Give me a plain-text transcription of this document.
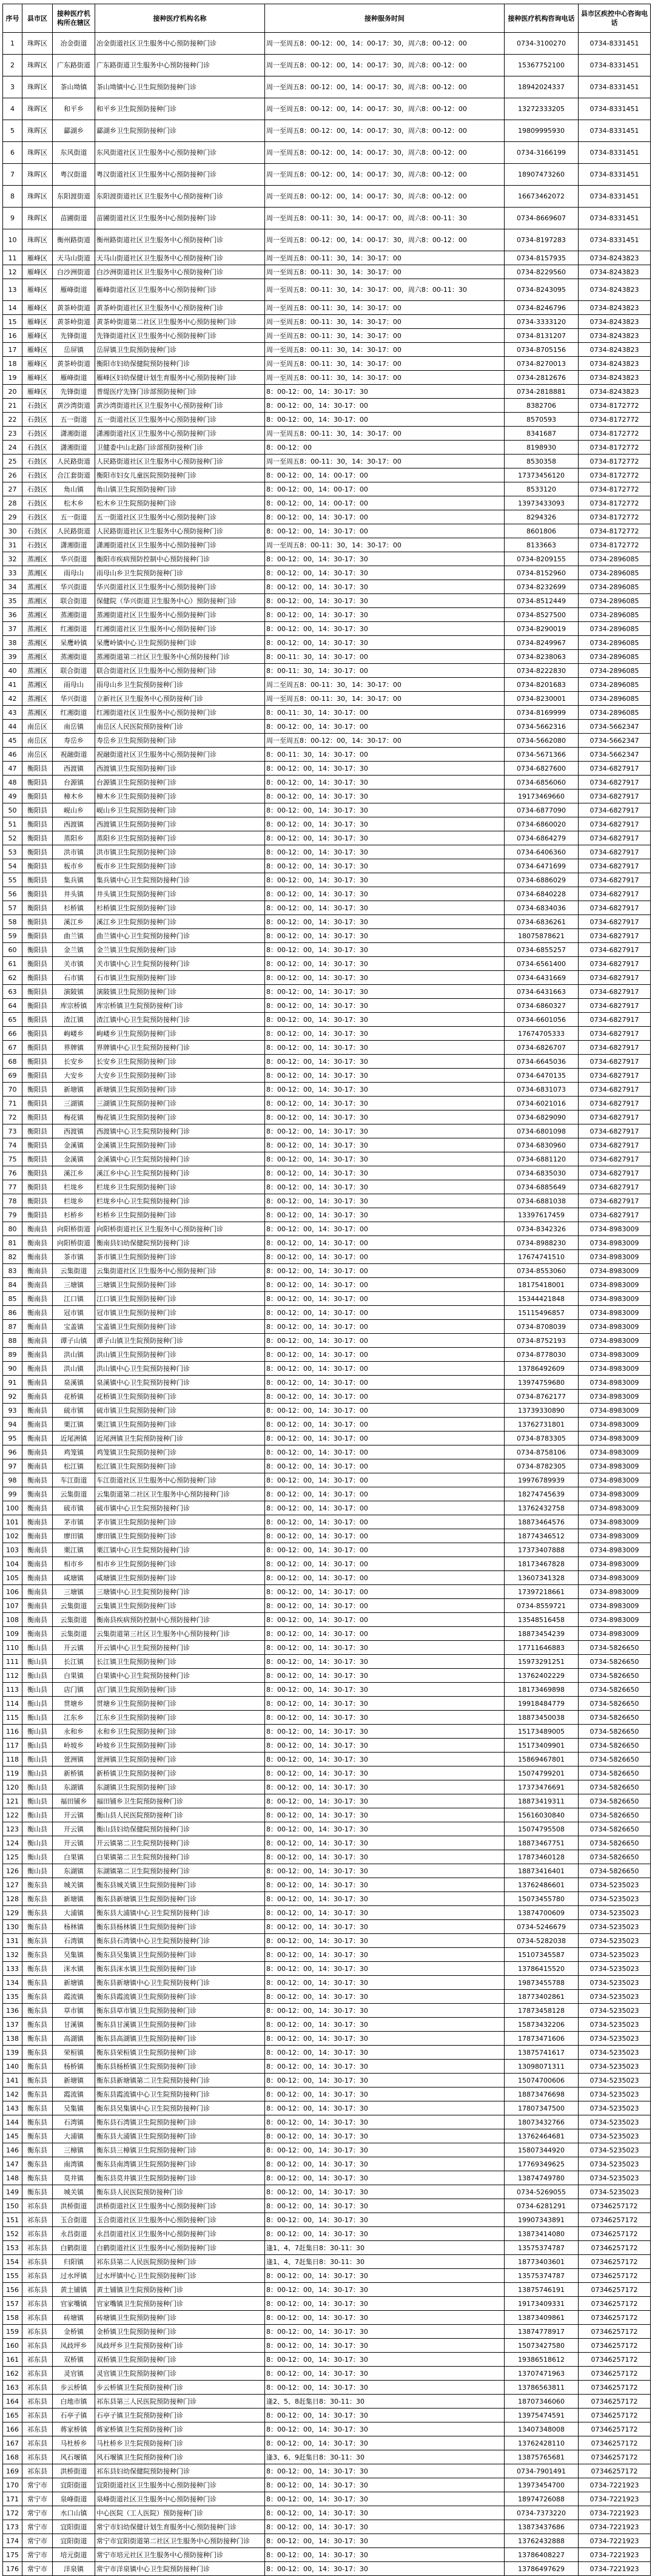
序号	县市区	接种医疗机构所在辖区	接种医疗机构名称	接种服务时间	接种医疗机构咨询电话	县市区疾控中心咨询电话
1	珠晖区	冶金街道	冶金街道社区卫生服务中心预防接种门诊	周一至周五8：00-12：00，14：00-17：30，周六8：00-12：00	0734-3100270	0734-8331451
2	珠晖区	广东路街道	广东路街道卫生服务中心预防接种门诊	周一至周五8：00-12：00，14：00-17：30，周六8：00-12：00	15367752100	0734-8331451
3	珠晖区	茶山坳镇	茶山坳镇中心卫生院预防接种门诊	周一至周五8：00-12：00，14：00-17：30，周六8：00-12：00	18942024337	0734-8331451
4	珠晖区	和平乡	和平乡卫生院预防接种门诊	周一至周五8：00-12：00，14：00-17：30，周六8：00-12：00	13272333205	0734-8331451
5	珠晖区	酃湖乡	酃湖乡卫生院预防接种门诊	周一至周五8：00-12：00，14：00-17：30，周六8：00-12：00	19809995930	0734-8331451
6	珠晖区	东风街道	东风街道社区卫生服务中心预防接种门诊	周一至周五8：00-12：00，14：00-17：30，周六8：00-12：00	0734-3166199	0734-8331451
7	珠晖区	粤汉街道	粤汉街道社区卫生服务中心预防接种门诊	周一至周五8：00-12：00，14：00-17：30，周六8：00-12：00	18907473260	0734-8331451
8	珠晖区	东阳渡街道	东阳渡街道社区卫生服务中心预防接种门诊	周一至周五8：00-12：00，14：00-17：30，周六8：00-12：00	16673462072	0734-8331451
9	珠晖区	苗圃街道	苗圃街道社区卫生服务中心预防接种门诊	周一至周五8：00-11：30，14：00-17：00，周六8：00-11：30	0734-8669607	0734-8331451
10	珠晖区	衡州路街道	衡州路街道社区卫生服务中心预防接种门诊	周一至周五8：00-12：00，14：00-17：30，周六8：00-12：00	0734-8197283	0734-8331451
11	雁峰区	天马山街道	天马山街道社区卫生服务中心预防接种门诊	周一至周五8：00-11：30，14：30-17：00	0734-8157935	0734-8243823
12	雁峰区	白沙洲街道	白沙洲街道社区卫生服务中心预防接种门诊	周一至周五8：00-11：30，14：30-17：00	0734-8229560	0734-8243823
13	雁峰区	雁峰街道	雁峰街道社区卫生服务中心预防接种门诊	周一至周五8：00-11：30，14：30-17：00，周六8：00-11：30	0734-8243095	0734-8243823
14	雁峰区	黄茶岭街道	黄茶岭街道社区卫生服务中心预防接种门诊	周一至周五8：00-11：30，14：30-17：00	0734-8246796	0734-8243823
15	雁峰区	黄茶岭街道	黄茶岭街道第二社区卫生服务中心预防接种门诊	周一至周五8：00-11：30，14：30-17：00	0734-3333120	0734-8243823
16	雁峰区	先锋街道	先锋街道社区卫生服务中心预防接种门诊	周一至周五8：00-11：30，14：30-17：00	0734-8131207	0734-8243823
17	雁峰区	岳屏镇	岳屏镇卫生院预防接种门诊	周一至周五8：00-11：30，14：30-17：00	0734-8705156	0734-8243823
18	雁峰区	黄茶岭街道	衡阳市妇幼保健院预防接种门诊	周一至周五8：00-11：30，14：30-17：00	0734-8270013	0734-8243823
19	雁峰区	雁峰街道	雁峰区妇幼保健计划生育服务中心预防接种门诊	周一至周五8：00-11：30，14：30-17：00	0734-2812676	0734-8243823
20	雁峰区	先锋街道	普缇医疗先锋门诊部预防接种门诊	8：00-12：00，14：30-17：30	0734-2818881	0734-8243823
21	石鼓区	黄沙湾街道	黄沙湾街道社区卫生服务中心预防接种门诊	8：00-12：00，14：30-17：00	8382706	0734-8172772
22	石鼓区	五一街道	五一街道社区卫生服务中心预防接种门诊	8：00-12：00，14：30-17：00	8570593	0734-8172772
23	石鼓区	潇湘街道	潇湘街道社区卫生服务中心预防接种门诊	周一至周五8：00-11：30，14：30-17：00	8341687	0734-8172772
24	石鼓区	潇湘街道	卫健委中山北路门诊部预防接种门诊	8：00-12：00	8198930	0734-8172772
25	石鼓区	人民路街道	人民路街道社区卫生服务中心预防接种门诊	周一至周五8：00-11：30，14：30-17：00	8530358	0734-8172772
26	石鼓区	合江套街道	衡阳市妇女儿童医院预防接种门诊	8：00-12：00，14：00-17：00	17373456120	0734-8172772
27	石鼓区	角山镇	角山镇卫生院预防接种门诊	8：00-12：00，14：00-17：00	8533120	0734-8172772
28	石鼓区	松木乡	松木乡卫生院预防接种门诊	8：00-12：00，14：00-17：00	13973433093	0734-8172772
29	石鼓区	五一街道	五一街道社区卫生服务中心预防接种门诊	8：00-12：00，14：30-17：00	8294326	0734-8172772
30	石鼓区	人民路街道	人民路街道社区卫生服务中心预防接种门诊	8：00-12：00，14：30-17：00	8601806	0734-8172772
31	石鼓区	潇湘街道	潇湘街道社区卫生服务中心预防接种门诊	周一至周五8：00-11：30，14：30-17：00	8133663	0734-8172772
32	蒸湘区	华兴街道	衡阳市疾病预防控制中心预防接种门诊	8：00-12：00，14：30-17：30	0734-8209155	0734-2896085
33	蒸湘区	雨母山	雨母山乡卫生院预防接种门诊	8：00-12：00，14：30-17：30	0734-8152960	0734-2896085
34	蒸湘区	华兴街道	华兴街道社区卫生服务中心预防接种门诊	8：00-12：00，14：30-17：30	0734-8232699	0734-2896085
35	蒸湘区	联合街道	保健院（华兴街道卫生服务中心）预防接种门诊	8：00-12：00，14：30-17：30	0734-8512449	0734-2896085
36	蒸湘区	蒸湘街道	蒸湘街道社区卫生服务中心预防接种门诊	8：00-12：00，14：30-17：30	0734-8527500	0734-2896085
37	蒸湘区	红湘街道	红湘街道社区卫生服务中心预防接种门诊	8：00-12：00，14：30-17：30	0734-8290019	0734-2896085
38	蒸湘区	呆鹰岭镇	呆鹰岭镇中心卫生院预防接种门诊	8：00-12：00，14：30-17：30	0734-8249967	0734-2896085
39	蒸湘区	蒸湘街道	蒸湘街道第二社区卫生服务中心预防接种门诊	8：00-11：30，14：30-17：00	0734-8238063	0734-2896085
40	蒸湘区	联合街道	联合街道社区卫生服务中心预防接种门诊	8：00-11：30，14：30-17：00	0734-8222830	0734-2896085
41	蒸湘区	雨母山	雨母山乡卫生院预防接种门诊	周二至周五8：00-11：30，14：30-17：00	0734-8201683	0734-2896085
42	蒸湘区	华兴街道	立新社区卫生服务中心预防接种门诊	周一至周五8：00-11：30，14：30-17：00	0734-8230001	0734-2896085
43	蒸湘区	红湘街道	红湘街道社区卫生服务中心预防接种门诊	8：00-11：30，14：30-17：00	0734-8169999	0734-2896085
44	南岳区	南岳镇	南岳区人民医院预防接种门诊	8：00-12：00，14：30-17：00	0734-5662316	0734-5662347
45	南岳区	寿岳乡	寿岳乡卫生院预防接种门诊	周一至周五8：00-12：00，14：30-17：00	0734-5662080	0734-5662347
46	南岳区	祝融街道	祝融街道社区卫生服务中心预防接种门诊	8：00-11：30，14：30-17：00	0734-5671366	0734-5662347
47	衡阳县	西渡镇	西渡镇卫生院预防接种门诊	8：00-12：00，14：30-17：30	0734-6827600	0734-6827917
48	衡阳县	台源镇	台源镇卫生院预防接种门诊	8：00-12：00，14：30-17：30	0734-6856060	0734-6827917
49	衡阳县	樟木乡	樟木乡卫生院预防接种门诊	8：00-12：00，14：30-17：30	19173469660	0734-6827917
50	衡阳县	岘山乡	岘山乡卫生院预防接种门诊	8：00-12：00，14：30-17：30	0734-6877090	0734-6827917
51	衡阳县	西渡镇	西渡镇卫生院预防接种门诊	8：00-12：00，14：30-17：30	0734-6860020	0734-6827917
52	衡阳县	蒸阳乡	蒸阳乡卫生院预防接种门诊	8：00-12：00，14：30-17：30	0734-6864279	0734-6827917
53	衡阳县	洪市镇	洪市镇卫生院预防接种门诊	8：00-12：00，14：30-17：30	0734-6406360	0734-6827917
54	衡阳县	板市乡	板市乡卫生院预防接种门诊	8：00-12：00，14：30-17：30	0734-6471699	0734-6827917
55	衡阳县	集兵镇	集兵镇中心卫生院预防接种门诊	8：00-12：00，14：30-17：30	0734-6886029	0734-6827917
56	衡阳县	井头镇	井头镇卫生院预防接种门诊	8：00-12：00，14：30-17：30	0734-6840228	0734-6827917
57	衡阳县	杉桥镇	杉桥镇卫生院预防接种门诊	8：00-12：00，14：30-17：30	0734-6834036	0734-6827917
58	衡阳县	溪江乡	溪江乡卫生院预防接种门诊	8：00-12：00，14：30-17：30	0734-6836261	0734-6827917
59	衡阳县	曲兰镇	曲兰镇中心卫生院预防接种门诊	8：00-12：00，14：30-17：30	18075878621	0734-6827917
60	衡阳县	金兰镇	金兰镇卫生院预防接种门诊	8：00-12：00，14：30-17：30	0734-6855257	0734-6827917
61	衡阳县	关市镇	关市镇中心卫生院预防接种门诊	8：00-12：00，14：30-17：30	0734-6561400	0734-6827917
62	衡阳县	石市镇	石市镇卫生院预防接种门诊	8：00-12：00，14：30-17：30	0734-6431669	0734-6827917
63	衡阳县	演陂镇	演陂镇卫生院预防接种门诊	8：00-12：00，14：30-17：30	0734-6431663	0734-6827917
64	衡阳县	库宗桥镇	库宗桥镇卫生院预防接种门诊	8：00-12：00，14：30-17：30	0734-6860327	0734-6827917
65	衡阳县	渣江镇	渣江镇中心卫生院预防接种门诊	8：00-12：00，14：30-17：30	0734-6601056	0734-6827917
66	衡阳县	岣嵝乡	岣嵝乡卫生院预防接种门诊	8：00-12：00，14：30-17：30	17674705333	0734-6827917
67	衡阳县	界牌镇	界牌镇中心卫生院预防接种门诊	8：00-12：00，14：30-17：30	0734-6826707	0734-6827917
68	衡阳县	长安乡	长安乡卫生院预防接种门诊	8：00-12：00，14：30-17：30	0734-6645036	0734-6827917
69	衡阳县	大安乡	大安乡卫生院预防接种门诊	8：00-12：00，14：30-17：30	0734-6470135	0734-6827917
70	衡阳县	新塘镇	新塘镇卫生院预防接种门诊	8：00-12：00，14：30-17：30	0734-6831073	0734-6827917
71	衡阳县	三湖镇	三湖镇卫生院预防接种门诊	8：00-12：00，14：30-17：30	0734-6021016	0734-6827917
72	衡阳县	梅花镇	梅花镇卫生院预防接种门诊	8：00-12：00，14：30-17：30	0734-6829090	0734-6827917
73	衡阳县	西渡镇	西渡镇中心卫生院预防接种门诊	8：00-12：00，14：30-17：30	0734-6801098	0734-6827917
74	衡阳县	金溪镇	金溪镇卫生院预防接种门诊	8：00-12：00，14：30-17：30	0734-6830960	0734-6827917
75	衡阳县	金溪镇	金溪镇中心卫生院预防接种门诊	8：00-12：00，14：30-17：30	0734-6881120	0734-6827917
76	衡阳县	溪江乡	溪江乡中心卫生院预防接种门诊	8：00-12：00，14：30-17：30	0734-6835030	0734-6827917
77	衡阳县	栏垅乡	栏垅乡卫生院预防接种门诊	8：00-12：00，14：30-17：30	0734-6885649	0734-6827917
78	衡阳县	栏垅乡	栏垅乡中心卫生院预防接种门诊	8：00-12：00，14：30-17：30	0734-6881038	0734-6827917
79	衡阳县	杉桥乡	杉桥乡卫生院预防接种门诊	8：00-12：00，14：30-17：30	13397617459	0734-6827917
80	衡南县	向阳桥街道	向阳桥街道社区卫生服务中心预防接种门诊	8：00-12：00，14：30-17：00	0734-8342326	0734-8983009
81	衡南县	向阳桥街道	衡南县妇幼保健院预防接种门诊	8：00-12：00，14：30-17：00	0734-8988230	0734-8983009
82	衡南县	茶市镇	茶市镇卫生院预防接种门诊	8：00-12：00，14：30-17：00	17674741510	0734-8983009
83	衡南县	云集街道	云集街道社区卫生服务中心预防接种门诊	8：00-12：00，14：30-17：00	0734-8553060	0734-8983009
84	衡南县	三塘镇	三塘镇卫生院预防接种门诊	8：00-12：00，14：30-17：00	18175418001	0734-8983009
85	衡南县	江口镇	江口镇卫生院预防接种门诊	8：00-12：00，14：30-17：00	15344421848	0734-8983009
86	衡南县	冠市镇	冠市镇卫生院预防接种门诊	8：00-12：00，14：30-17：00	15115496857	0734-8983009
87	衡南县	宝盖镇	宝盖镇卫生院预防接种门诊	8：00-12：00，14：30-17：00	0734-8708039	0734-8983009
88	衡南县	谭子山镇	谭子山镇卫生院预防接种门诊	8：00-12：00，14：30-17：00	0734-8752193	0734-8983009
89	衡南县	洪山镇	洪山镇卫生院预防接种门诊	8：00-12：00，14：30-17：00	0734-8778030	0734-8983009
90	衡南县	洪山镇	洪山镇中心卫生院预防接种门诊	8：00-12：00，14：30-17：00	13786492609	0734-8983009
91	衡南县	泉溪镇	泉溪镇中心卫生院预防接种门诊	8：00-12：00，14：30-17：00	13974759680	0734-8983009
92	衡南县	花桥镇	花桥镇卫生院预防接种门诊	8：00-12：00，14：30-17：00	0734-8762177	0734-8983009
93	衡南县	硫市镇	硫市镇卫生院预防接种门诊	8：00-12：00，14：30-17：00	13739330890	0734-8983009
94	衡南县	栗江镇	栗江镇卫生院预防接种门诊	8：00-12：00，14：30-17：00	13762731801	0734-8983009
95	衡南县	近尾洲镇	近尾洲镇卫生院预防接种门诊	8：00-12：00，14：30-17：00	0734-8783305	0734-8983009
96	衡南县	鸡笼镇	鸡笼镇卫生院预防接种门诊	8：00-12：00，14：30-17：00	0734-8758106	0734-8983009
97	衡南县	松江镇	松江镇卫生院预防接种门诊	8：00-12：00，14：30-17：00	0734-8782305	0734-8983009
98	衡南县	车江街道	车江街道社区卫生服务中心预防接种门诊	8：00-12：00，14：30-17：00	19976789939	0734-8983009
99	衡南县	云集街道	云集街道第二社区卫生服务中心预防接种门诊	8：00-12：00，14：30-17：00	18274745639	0734-8983009
100	衡南县	硫市镇	硫市镇中心卫生院预防接种门诊	8：00-12：00，14：30-17：00	13762432758	0734-8983009
101	衡南县	茅市镇	茅市镇卫生院预防接种门诊	8：00-12：00，14：30-17：00	18873464576	0734-8983009
102	衡南县	廖田镇	廖田镇卫生院预防接种门诊	8：00-12：00，14：30-17：00	18774346512	0734-8983009
103	衡南县	栗江镇	栗江镇中心卫生院预防接种门诊	8：00-12：00，14：30-17：00	17373407888	0734-8983009
104	衡南县	相市乡	相市乡卫生院预防接种门诊	8：00-12：00，14：30-17：00	18173467828	0734-8983009
105	衡南县	咸塘镇	咸塘镇卫生院预防接种门诊	8：00-12：00，14：30-17：00	13607341328	0734-8983009
106	衡南县	三塘镇	三塘镇中心卫生院预防接种门诊	8：00-12：00，14：30-17：00	17397218661	0734-8983009
107	衡南县	云集街道	云集镇卫生院预防接种门诊	8：00-12：00，14：30-17：00	0734-8559721	0734-8983009
108	衡南县	云集街道	衡南县疾病预防控制中心预防接种门诊	8：00-12：00，14：30-17：00	13548516458	0734-8983009
109	衡南县	云集街道	云集街道第三社区卫生服务中心预防接种门诊	8：00-12：00，14：30-17：00	18873454239	0734-8983009
110	衡山县	开云镇	开云镇中心卫生院预防接种门诊	8：00-12：00，14：30-17：30	17711646883	0734-5826650
111	衡山县	长江镇	长江镇卫生院预防接种门诊	8：00-12：00，14：30-17：30	15973291251	0734-5826650
112	衡山县	白果镇	白果镇中心卫生院预防接种门诊	8：00-12：00，14：30-17：30	13762402229	0734-5826650
113	衡山县	店门镇	店门镇卫生院预防接种门诊	8：00-12：00，14：30-17：30	18173469898	0734-5826650
114	衡山县	贯塘乡	贯塘乡卫生院预防接种门诊	8：00-12：00，14：30-17：30	19918484779	0734-5826650
115	衡山县	江东乡	江东乡卫生院预防接种门诊	8：00-12：00，14：30-17：30	18873450038	0734-5826650
116	衡山县	永和乡	永和乡卫生院预防接种门诊	8：00-12：00，14：30-17：30	15173489005	0734-5826650
117	衡山县	岭坡乡	岭坡乡卫生院预防接种门诊	8：00-12：00，14：30-17：30	15173409901	0734-5826650
118	衡山县	萱洲镇	萱洲镇卫生院预防接种门诊	8：00-12：00，14：30-17：30	15869467801	0734-5826650
119	衡山县	新桥镇	新桥镇卫生院预防接种门诊	8：00-12：00，14：30-17：30	15074799201	0734-5826650
120	衡山县	东湖镇	东湖镇卫生院预防接种门诊	8：00-12：00，14：30-17：30	17373476691	0734-5826650
121	衡山县	福田铺乡	福田铺乡卫生院预防接种门诊	8：00-12：00，14：30-17：30	18873419311	0734-5826650
122	衡山县	开云镇	衡山县人民医院预防接种门诊	8：00-12：00，14：30-17：30	15616030840	0734-5826650
123	衡山县	开云镇	衡山县妇幼保健院预防接种门诊	8：00-12：00，14：30-17：30	15074795508	0734-5826650
124	衡山县	开云镇	开云镇第二卫生院预防接种门诊	8：00-12：00，14：30-17：30	18873467751	0734-5826650
125	衡山县	白果镇	白果镇第二卫生院预防接种门诊	8：00-12：00，14：30-17：30	17873460128	0734-5826650
126	衡山县	东湖镇	东湖镇第二卫生院预防接种门诊	8：00-12：00，14：30-17：30	18873416401	0734-5826650
127	衡东县	城关镇	衡东县城关镇卫生院预防接种门诊	8：00-12：00，14：30-17：30	13762486601	0734-5235023
128	衡东县	新塘镇	衡东县新塘镇卫生院预防接种门诊	8：00-12：00，14：30-17：30	15073455780	0734-5235023
129	衡东县	大浦镇	衡东县大浦镇中心卫生院预防接种门诊	8：00-12：00，14：30-17：30	13874700609	0734-5235023
130	衡东县	杨林镇	衡东县杨林镇卫生院预防接种门诊	8：00-12：00，14：30-17：30	0734-5246679	0734-5235023
131	衡东县	石湾镇	衡东县石湾镇中心卫生院预防接种门诊	8：00-12：00，14：30-17：30	0734-5282038	0734-5235023
132	衡东县	吴集镇	衡东县吴集镇卫生院预防接种门诊	8：00-12：00，14：30-17：30	15107345587	0734-5235023
133	衡东县	洣水镇	衡东县洣水镇卫生院预防接种门诊	8：00-12：00，14：30-17：30	13786415520	0734-5235023
134	衡东县	新塘镇	衡东县新塘镇中心卫生院预防接种门诊	8：00-12：00，14：30-17：30	19873455788	0734-5235023
135	衡东县	霞流镇	衡东县霞流镇卫生院预防接种门诊	8：00-12：00，14：30-17：30	18773402861	0734-5235023
136	衡东县	草市镇	衡东县草市镇卫生院预防接种门诊	8：00-12：00，14：30-17：30	17873458128	0734-5235023
137	衡东县	甘溪镇	衡东县甘溪镇卫生院预防接种门诊	8：00-12：00，14：30-17：30	15873432206	0734-5235023
138	衡东县	高湖镇	衡东县高湖镇卫生院预防接种门诊	8：00-12：00，14：30-17：30	17873471606	0734-5235023
139	衡东县	荣桓镇	衡东县荣桓镇卫生院预防接种门诊	8：00-12：00，14：30-17：30	13875741617	0734-5235023
140	衡东县	杨桥镇	衡东县杨桥镇卫生院预防接种门诊	8：00-12：00，14：30-17：30	13098071311	0734-5235023
141	衡东县	新塘镇	衡东县新塘镇第二卫生院预防接种门诊	8：00-12：00，14：30-17：30	15074700606	0734-5235023
142	衡东县	霞流镇	衡东县霞流镇中心卫生院预防接种门诊	8：00-12：00，14：30-17：30	18873476698	0734-5235023
143	衡东县	吴集镇	衡东县吴集镇中心卫生院预防接种门诊	8：00-12：00，14：30-17：30	17807347500	0734-5235023
144	衡东县	石湾镇	衡东县石湾镇卫生院预防接种门诊	8：00-12：00，14：30-17：30	18073432766	0734-5235023
145	衡东县	大浦镇	衡东县大浦镇卫生院预防接种门诊	8：00-12：00，14：30-17：30	13762464681	0734-5235023
146	衡东县	三樟镇	衡东县三樟镇卫生院预防接种门诊	8：00-12：00，14：30-17：30	15807344920	0734-5235023
147	衡东县	南湾镇	衡东县南湾镇卫生院预防接种门诊	8：00-12：00，14：30-17：30	17769349625	0734-5235023
148	衡东县	莫井镇	衡东县莫井镇卫生院预防接种门诊	8：00-12：00，14：30-17：30	13874749780	0734-5235023
149	衡东县	城关镇	衡东县人民医院预防接种门诊	8：00-12：00，14：30-17：30	0734-5269055	0734-5235023
150	祁东县	洪桥街道	洪桥街道社区卫生服务中心预防接种门诊	8：00-12：00，14：30-17：30	0734-6281291	07346257172
151	祁东县	玉合街道	玉合街道社区卫生服务中心预防接种门诊	8：00-12：00，14：30-17：30	19907343891	07346257172
152	祁东县	永昌街道	永昌街道社区卫生服务中心预防接种门诊	8：00-12：00，14：30-17：30	13873414080	07346257172
153	祁东县	白鹤街道	白鹤街道社区卫生服务中心预防接种门诊	逢1、4、7赶集日8：30-11：30	13575374787	07346257172
154	祁东县	归阳镇	祁东县第二人民医院预防接种门诊	逢1、4、7赶集日8：30-11：30	18773403601	07346257172
155	祁东县	过水坪镇	过水坪镇中心卫生院预防接种门诊	8：00-12：00，14：30-17：30	13575374787	07346257172
156	祁东县	黄土铺镇	黄土铺镇卫生院预防接种门诊	8：00-12：00，14：30-17：30	13875746191	07346257172
157	祁东县	官家嘴镇	官家嘴镇卫生院预防接种门诊	8：00-12：00，14：30-17：30	19173409331	07346257172
158	祁东县	砖塘镇	砖塘镇卫生院预防接种门诊	8：00-12：00，14：30-17：30	13873409861	07346257172
159	祁东县	金桥镇	金桥镇卫生院预防接种门诊	8：00-12：00，14：30-17：30	13874778917	07346257172
160	祁东县	凤歧坪乡	凤歧坪乡卫生院预防接种门诊	8：00-12：00，14：30-17：30	15073427580	07346257172
161	祁东县	双桥镇	双桥镇卫生院预防接种门诊	8：00-12：00，14：30-17：30	19386518612	07346257172
162	祁东县	灵官镇	灵官镇卫生院预防接种门诊	8：00-12：00，14：30-17：30	13707471963	07346257172
163	祁东县	步云桥镇	步云桥镇卫生院预防接种门诊	8：00-12：00，14：30-17：30	13786563811	07346257172
164	祁东县	白地市镇	祁东县第三人民医院预防接种门诊	逢2、5、8赶集日8：30-11：30	18707346060	07346257172
165	祁东县	石亭子镇	石亭子镇卫生院预防接种门诊	8：00-12：00，14：30-17：30	13975474591	07346257172
166	祁东县	蒋家桥镇	蒋家桥镇卫生院预防接种门诊	8：00-12：00，14：30-17：30	13407348008	07346257172
167	祁东县	马杜桥乡	马杜桥乡卫生院预防接种门诊	8：00-12：00，14：30-17：30	13762428110	07346257172
168	祁东县	风石堰镇	风石堰镇卫生院预防接种门诊	逢3、6、9赶集日8：30-11：30	13875765681	07346257172
169	祁东县	洪桥街道	祁东县妇幼保健院预防接种门诊	8：00-12：00，14：30-17：30	0734-7901491	07346257172
170	常宁市	宜阳街道	宜阳街道社区卫生服务中心预防接种门诊	8：00-12：00，14：30-17：30	13973454700	0734-7221923
171	常宁市	泉峰街道	泉峰街道社区卫生服务中心预防接种门诊	8：00-12：00，14：30-17：30	18974726088	0734-7221923
172	常宁市	水口山镇	中心医院（工人医院）预防接种门诊	8：00-12：00，14：30-17：30	0734-7373220	0734-7221923
173	常宁市	宜阳街道	常宁市妇幼保健计划生育服务中心预防接种门诊	8：00-12：00，14：30-17：30	13873437686	0734-7221923
174	常宁市	宜阳街道	常宁市宜阳街道第二社区卫生服务中心预防接种门诊	8：00-12：00，14：30-17：30	13762432888	0734-7221923
175	常宁市	培元街道	常宁市培元社区卫生服务中心预防接种门诊	8：00-12：00，14：30-17：30	13786408227	0734-7221923
176	常宁市	洋泉镇	常宁市洋泉镇中心卫生院预防接种门诊	8：00-12：00，14：30-17：30	13786497629	0734-7221923
